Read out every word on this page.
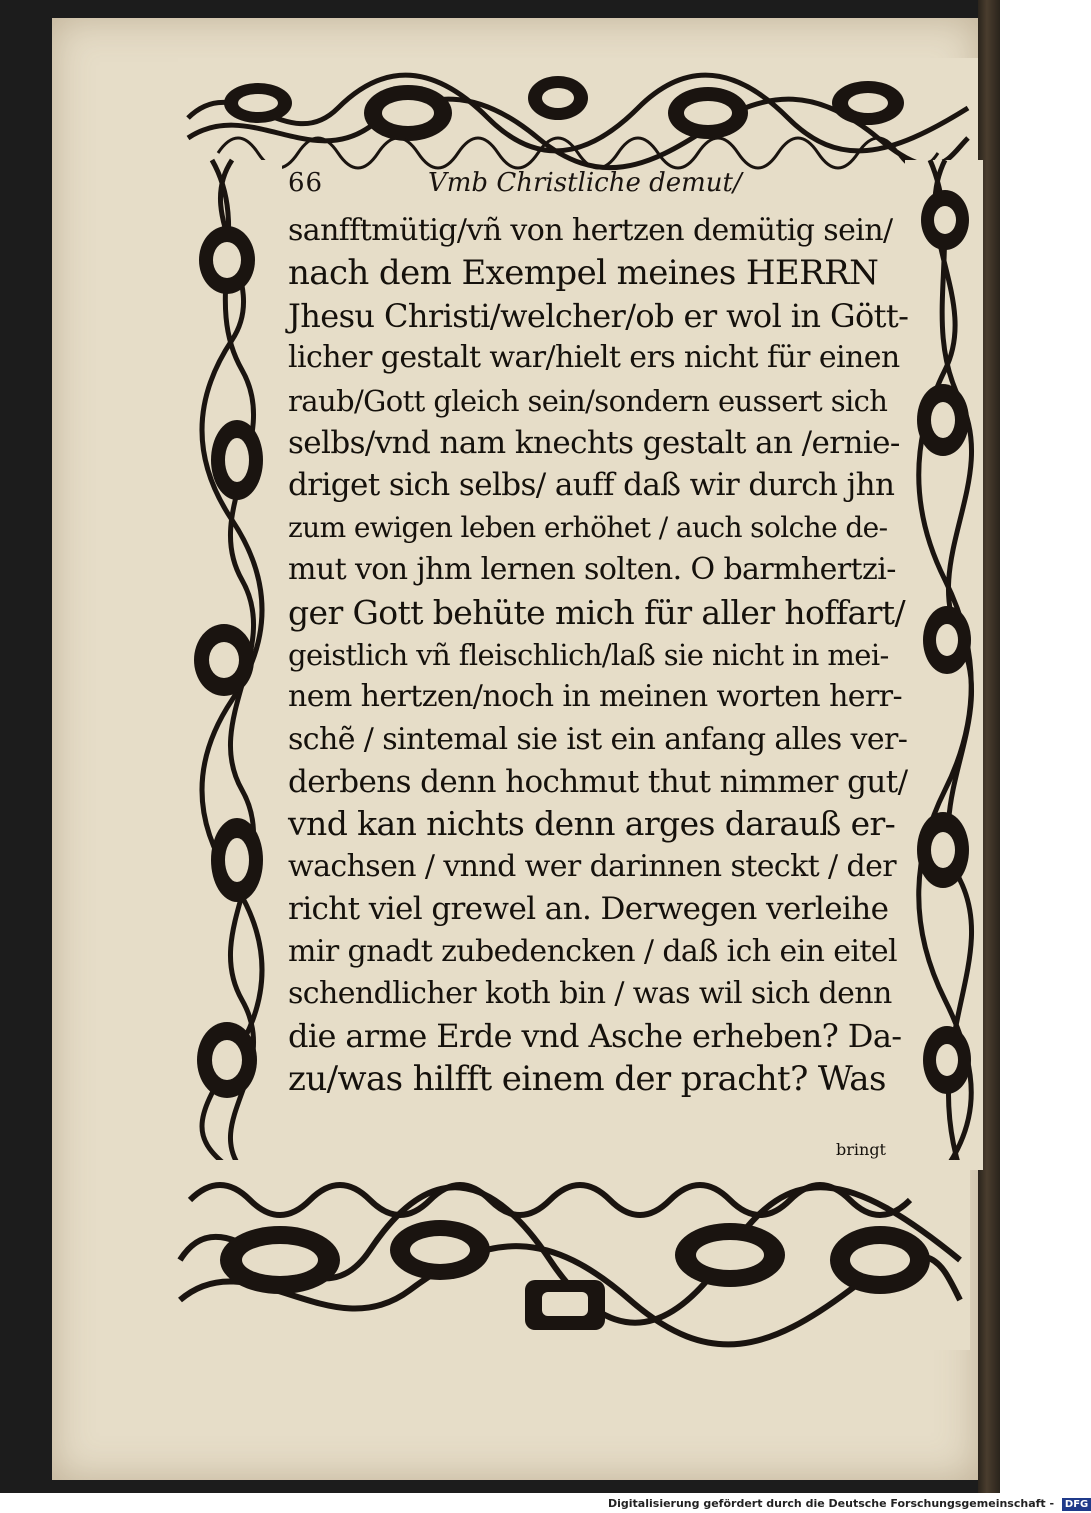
66	Vmb Christliche demut/
sanfftmütig/vñ von hertzen demütig sein/
nach dem Exempel meines HERRN
Jhesu Christi/welcher/ob er wol in Gött-
licher gestalt war/hielt ers nicht für einen
raub/Gott gleich sein/sondern eussert sich
selbs/vnd nam knechts gestalt an /ernie-
driget sich selbs/ auff daß wir durch jhn
zum ewigen leben erhöhet / auch solche de-
mut von jhm lernen solten. O barmhertzi-
ger Gott behüte mich für aller hoffart/
geistlich vñ fleischlich/laß sie nicht in mei-
nem hertzen/noch in meinen worten herr-
schẽ / sintemal sie ist ein anfang alles ver-
derbens denn hochmut thut nimmer gut/
vnd kan nichts denn arges darauß er-
wachsen / vnnd wer darinnen steckt / der
richt viel grewel an. Derwegen verleihe
mir gnadt zubedencken / daß ich ein eitel
schendlicher koth bin / was wil sich denn
die arme Erde vnd Asche erheben? Da-
zu/was hilfft einem der pracht? Was
bringt
Digitalisierung gefördert durch die Deutsche Forschungsgemeinschaft - DFG
